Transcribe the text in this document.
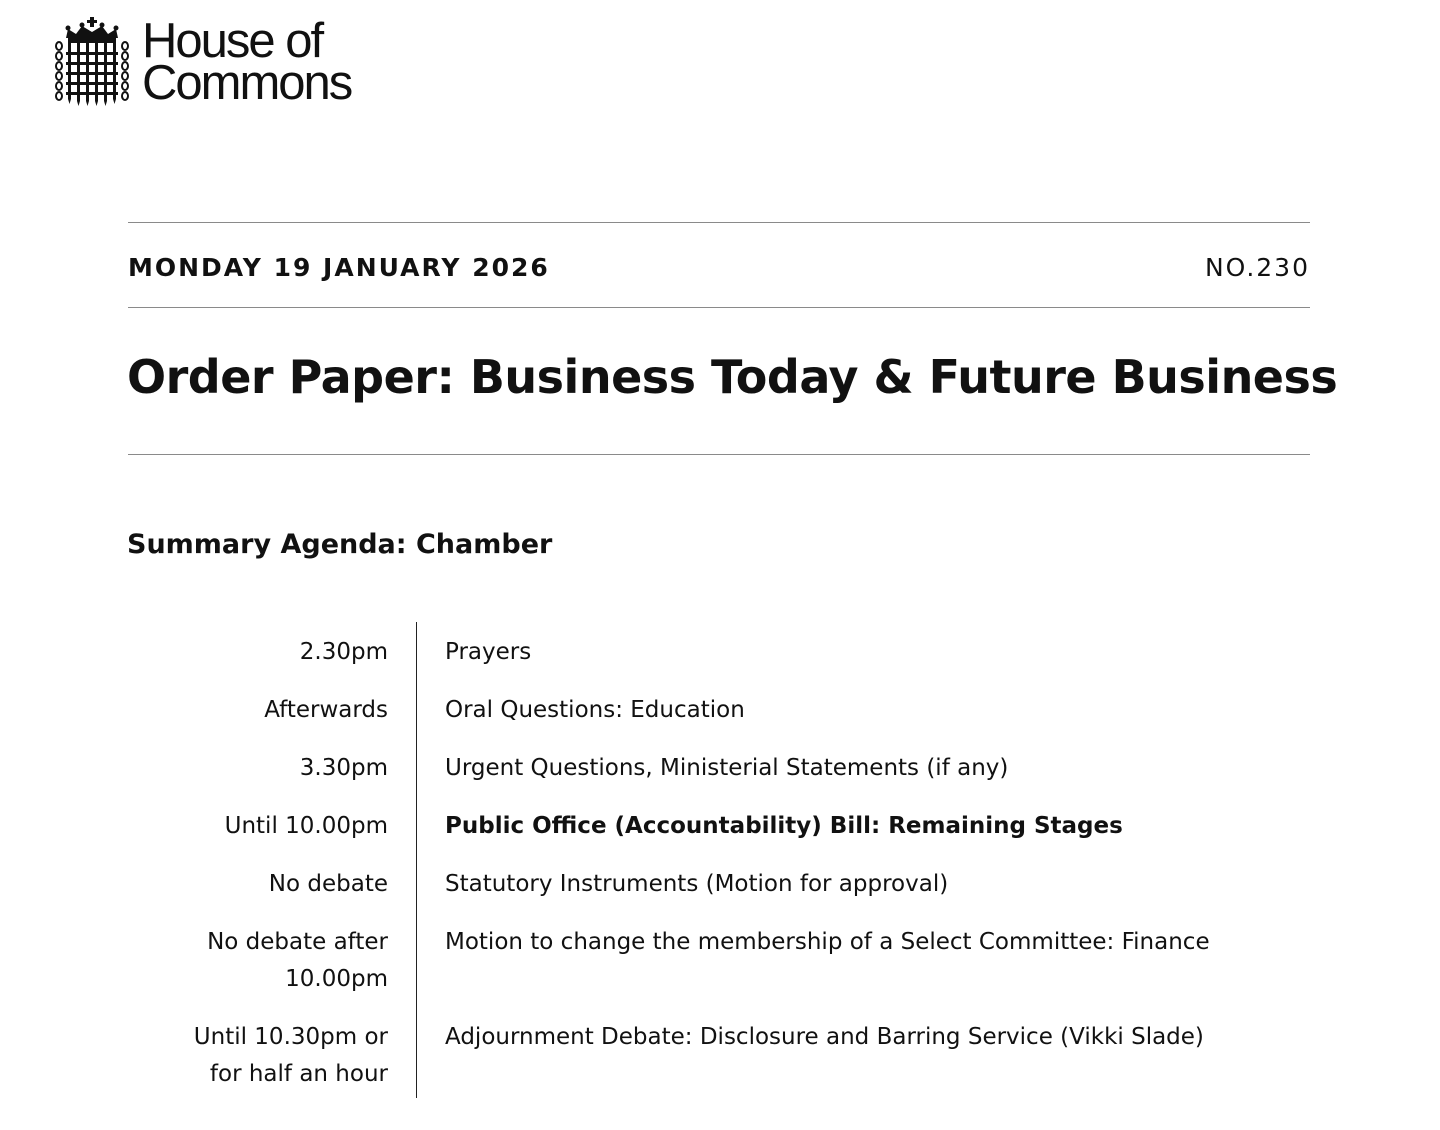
House of
Commons
MONDAY 19 JANUARY 2026	NO.230
Order Paper: Business Today & Future Business
Summary Agenda: Chamber
2.30pm Prayers
Afterwards Oral Questions: Education
3.30pm Urgent Questions, Ministerial Statements (if any)
Until 10.00pm Public Office (Accountability) Bill: Remaining Stages
No debate Statutory Instruments (Motion for approval)
No debate after 10.00pm
Motion to change the membership of a Select Committee: Finance
Until 10.30pm or for half an hour
Adjournment Debate: Disclosure and Barring Service (Vikki Slade)
